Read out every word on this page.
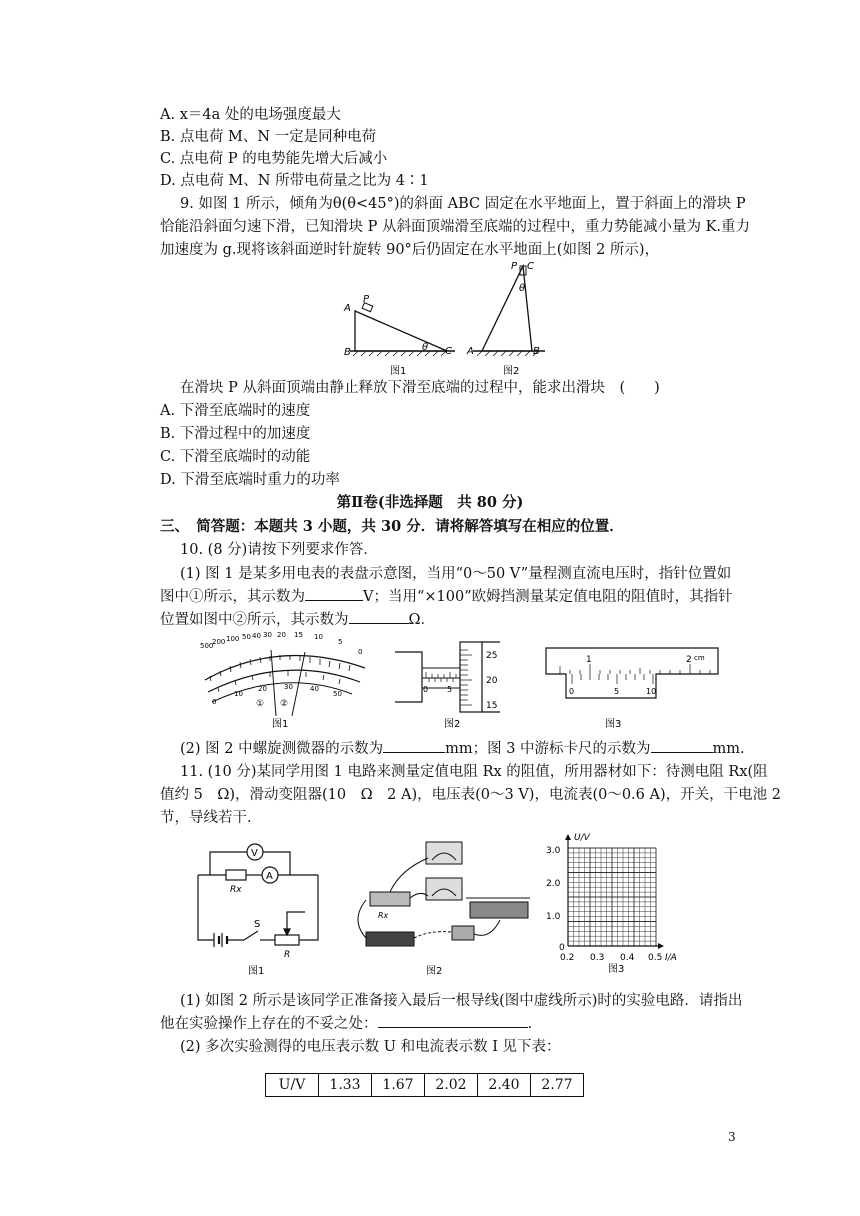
A. x＝4a 处的电场强度最大
B. 点电荷 M、N 一定是同种电荷
C. 点电荷 P 的电势能先增大后减小
D. 点电荷 M、N 所带电荷量之比为 4∶1
9. 如图 1 所示，倾角为θ(θ<45°)的斜面 ABC 固定在水平地面上，置于斜面上的滑块 P
恰能沿斜面匀速下滑，已知滑块 P 从斜面顶端滑至底端的过程中，重力势能减小量为 K.重力
加速度为 g.现将该斜面逆时针旋转 90°后仍固定在水平地面上(如图 2 所示)，
A
P
B	θ C
P C
θ
A	B
图1	图2
在滑块 P 从斜面顶端由静止释放下滑至底端的过程中，能求出滑块　(　　)
A. 下滑至底端时的速度
B. 下滑过程中的加速度
C. 下滑至底端时的动能
D. 下滑至底端时重力的功率
第Ⅱ卷(非选择题　共 80 分)
三、　简答题：本题共 3 小题，共 30 分．请将解答填写在相应的位置．
10. (8 分)请按下列要求作答．
(1) 图 1 是某多用电表的表盘示意图，当用“0～50 V”量程测直流电压时，指针位置如
图中①所示，其示数为	V；当用“×100”欧姆挡测量某定值电阻的阻值时，其指针
位置如图中②所示，其示数为	Ω．
500
200 100 50 40 30 20 15 10
5
0
0
10
20 30 40
50
① ②
图1
25
20
15
0 5
图2
1	2 cm
0	5	10
图3
(2) 图 2 中螺旋测微器的示数为	mm；图 3 中游标卡尺的示数为	mm.
11. (10 分)某同学用图 1 电路来测量定值电阻 Rx 的阻值，所用器材如下：待测电阻 Rx(阻
值约 5　Ω)，滑动变阻器(10　Ω　2 A)，电压表(0～3 V)，电流表(0～0.6 A)，开关，干电池 2
节，导线若干．
V
A
Rx
S
R
图1
Rx
图2
U/V
I/A
3.0
2.0
1.0
0
0.2 0.3 0.4 0.5
图3
(1) 如图 2 所示是该同学正准备接入最后一根导线(图中虚线所示)时的实验电路．请指出
他在实验操作上存在的不妥之处：	.
(2) 多次实验测得的电压表示数 U 和电流表示数 I 见下表：
U/V	1.33	1.67	2.02	2.40	2.77
3
